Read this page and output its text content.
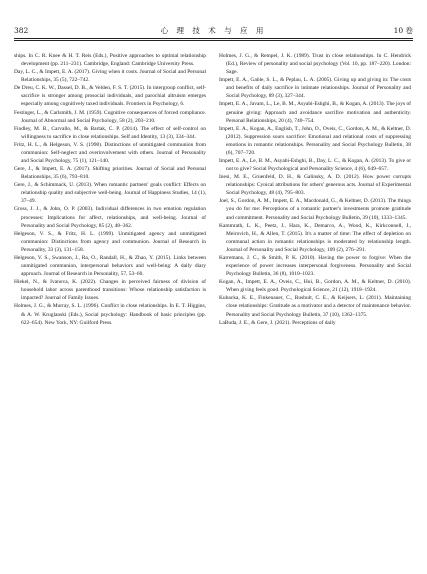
382	心 理 技 术 与 应 用	10 卷

ships. In C. R. Knee & H. T. Reis (Eds.), Positive approaches to optimal relationship development (pp. 211–231). Cambridge, England: Cambridge University Press.

Day, L. C., & Impett, E. A. (2017). Giving when it costs. Journal of Social and Personal Relationships, 35 (5), 722–742.

De Dreu, C. K. W., Dassel, D. B., & Velden, F. S. T. (2015). In intergroup conflict, self-sacrifice is stronger among prosocial individuals, and parochial altruism emerges especially among cognitively taxed individuals. Frontiers in Psychology, 6.

Festinger, L., & Carlsmith, J. M. (1959). Cognitive consequences of forced compliance. Journal of Abnormal and Social Psychology, 58 (2), 203–210.

Findley, M. B., Carvallo, M., & Bartak, C. P. (2014). The effect of self-control on willingness to sacrifice in close relationships. Self and Identity, 13 (3), 334–344.

Fritz, H. L., & Helgeson, V. S. (1998). Distinctions of unmitigated communion from communion: Self-neglect and overinvolvement with others. Journal of Personality and Social Psychology, 75 (1), 121–140.

Gere, J., & Impett, E. A. (2017). Shifting priorities. Journal of Social and Personal Relationships, 35 (6), 793–810.

Gere, J., & Schimmack, U. (2013). When romantic partners' goals conflict: Effects on relationship quality and subjective well-being. Journal of Happiness Studies, 14 (1), 37–49.

Gross, J. J., & John, O. P. (2003). Individual differences in two emotion regulation processes: Implications for affect, relationships, and well-being. Journal of Personality and Social Psychology, 85 (2), 48–362.

Helgeson, V. S., & Fritz, H. L. (1999). Unmitigated agency and unmitigated communion: Distinctions from agency and communion. Journal of Research in Personality, 33 (3), 131–158.

Helgeson, V. S., Swanson, J., Ra, O., Randall, H., & Zhao, Y. (2015). Links between unmitigated communion, interpersonal behaviors and well-being: A daily diary approach. Journal of Research in Personality, 57, 53–60.

Hiekel, N., & Ivanova, K. (2022). Changes in perceived fairness of division of household labor across parenthood transitions: Whose relationship satisfaction is impacted? Journal of Family Issues.

Holmes, J. G., & Murray, S. L. (1996). Conflict in close relationships. In E. T. Higgins, & A. W. Kruglanski (Eds.), Social psychology: Handbook of basic principles (pp. 622–654). New York, NY: Guilford Press.

Holmes, J. G., & Rempel, J. K. (1989). Trust in close relationships. In C. Hendrick (Ed.), Review of personality and social psychology (Vol. 10, pp. 187–220). London: Sage.

Impett, E. A., Gable, S. L., & Peplau, L. A. (2005). Giving up and giving in: The costs and benefits of daily sacrifice in intimate relationships. Journal of Personality and Social Psychology, 89 (3), 327–344.

Impett, E. A., Javam, L., Le, B. M., Asyabi-Eshghi, B., & Kogan, A. (2013). The joys of genuine giving: Approach and avoidance sacrifice motivation and authenticity. Personal Relationships, 20 (4), 740–754.

Impett, E. A., Kogan, A., English, T., John, O., Oveis, C., Gordon, A. M., & Keltner, D. (2012). Suppression sours sacrifice: Emotional and relational costs of suppressing emotions in romantic relationships. Personality and Social Psychology Bulletin, 38 (6), 707–720.

Impett, E. A., Le, B. M., Asyabi-Eshghi, B., Day, L. C., & Kogan, A. (2013). To give or not to give? Social Psychological and Personality Science, 4 (6), 649–657.

Inesi, M. E., Gruenfeld, D. H., & Galinsky, A. D. (2012). How power corrupts relationships: Cynical attributions for others' generous acts. Journal of Experimental Social Psychology, 48 (4), 795–803.

Joel, S., Gordon, A. M., Impett, E. A., Macdonald, G., & Keltner, D. (2013). The things you do for me: Perceptions of a romantic partner's investments promote gratitude and commitment. Personality and Social Psychology Bulletin, 39 (10), 1333–1345.

Kammrath, L. K., Peetz, J., Hara, K., Demarco, A., Wood, K., Kirkconnell, J., Meirovich, H., & Allen, T. (2015). It's a matter of time: The effect of depletion on communal action in romantic relationships is moderated by relationship length. Journal of Personality and Social Psychology, 109 (2), 276–291.

Karremans, J. C., & Smith, P. K. (2010). Having the power to forgive: When the experience of power increases interpersonal forgiveness. Personality and Social Psychology Bulletin, 36 (8), 1010–1023.

Kogan, A., Impett, E. A., Oveis, C., Hui, B., Gordon, A. M., & Keltner, D. (2010). When giving feels good. Psychological Science, 21 (12), 1918–1924.

Kubacka, K. E., Finkenauer, C., Rusbult, C. E., & Keijsers, L. (2011). Maintaining close relationships: Gratitude as a motivator and a detector of maintenance behavior. Personality and Social Psychology Bulletin, 37 (10), 1362–1375.

LaBuda, J. E., & Gere, J. (2021). Perceptions of daily
